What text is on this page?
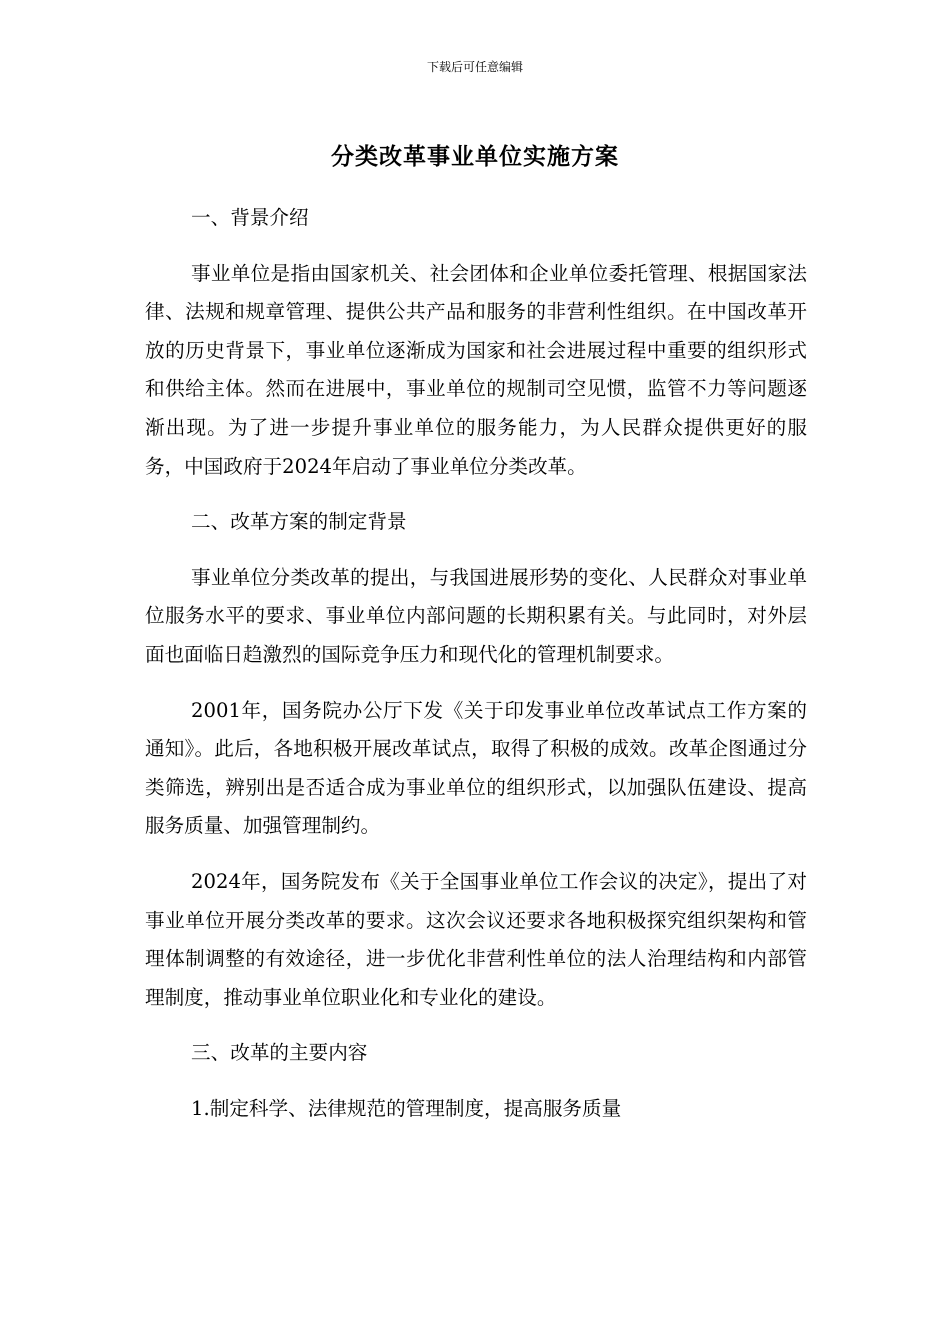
下载后可任意编辑
分类改革事业单位实施方案

一、背景介绍

事业单位是指由国家机关、社会团体和企业单位委托管理、根据国家法律、法规和规章管理、提供公共产品和服务的非营利性组织。在中国改革开放的历史背景下，事业单位逐渐成为国家和社会进展过程中重要的组织形式和供给主体。然而在进展中，事业单位的规制司空见惯，监管不力等问题逐渐出现。为了进一步提升事业单位的服务能力，为人民群众提供更好的服务，中国政府于2024年启动了事业单位分类改革。

二、改革方案的制定背景

事业单位分类改革的提出，与我国进展形势的变化、人民群众对事业单位服务水平的要求、事业单位内部问题的长期积累有关。与此同时，对外层面也面临日趋激烈的国际竞争压力和现代化的管理机制要求。

2001年，国务院办公厅下发《关于印发事业单位改革试点工作方案的通知》。此后，各地积极开展改革试点，取得了积极的成效。改革企图通过分类筛选，辨别出是否适合成为事业单位的组织形式，以加强队伍建设、提高服务质量、加强管理制约。

2024年，国务院发布《关于全国事业单位工作会议的决定》，提出了对事业单位开展分类改革的要求。这次会议还要求各地积极探究组织架构和管理体制调整的有效途径，进一步优化非营利性单位的法人治理结构和内部管理制度，推动事业单位职业化和专业化的建设。

三、改革的主要内容

1.制定科学、法律规范的管理制度，提高服务质量
